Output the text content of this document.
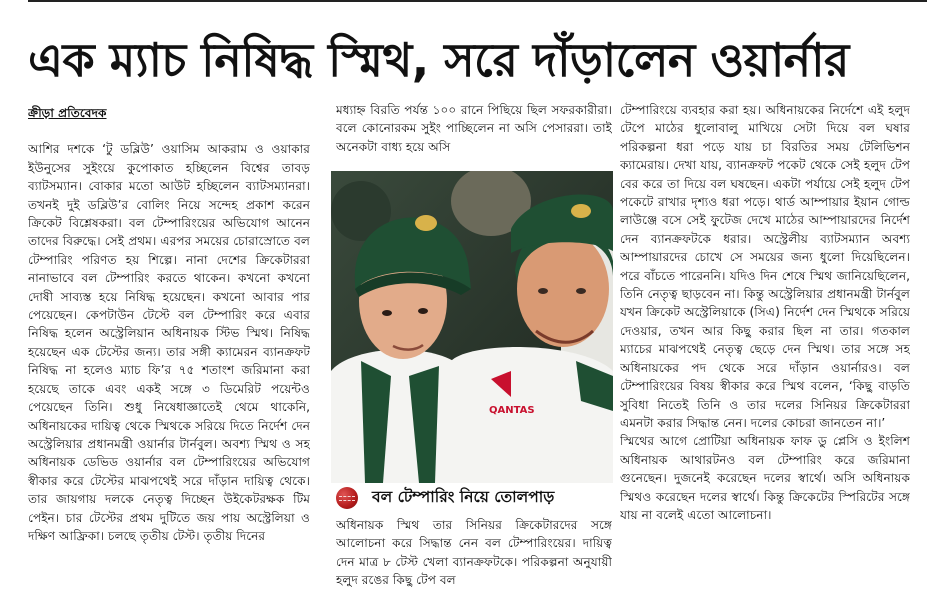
এক ম্যাচ নিষিদ্ধ স্মিথ, সরে দাঁড়ালেন ওয়ার্নার

ক্রীড়া প্রতিবেদক

আশির দশকে ‘টু ডব্লিউ’ ওয়াসিম আকরাম ও ওয়াকার ইউনুসের সুইংয়ে কুপোকাত হচ্ছিলেন বিশ্বের তাবড় ব্যাটসম্যান। বোকার মতো আউট হচ্ছিলেন ব্যাটসম্যানরা। তখনই দুই ডব্লিউ’র বোলিং নিয়ে সন্দেহ প্রকাশ করেন ক্রিকেট বিশ্লেষকরা। বল টেম্পারিংয়ের অভিযোগ আনেন তাদের বিরুদ্ধে। সেই প্রথম। এরপর সময়ের চোরাস্রোতে বল টেম্পারিং পরিণত হয় শিল্পে। নানা দেশের ক্রিকেটাররা নানাভাবে বল টেম্পারিং করতে থাকেন। কখনো কখনো দোষী সাব্যস্ত হয়ে নিষিদ্ধ হয়েছেন। কখনো আবার পার পেয়েছেন। কেপটাউন টেস্টে বল টেম্পারিং করে এবার নিষিদ্ধ হলেন অস্ট্রেলিয়ান অধিনায়ক স্টিভ স্মিথ। নিষিদ্ধ হয়েছেন এক টেস্টের জন্য। তার সঙ্গী ক্যামেরন ব্যানক্রফট নিষিদ্ধ না হলেও ম্যাচ ফি’র ৭৫ শতাংশ জরিমানা করা হয়েছে তাকে এবং একই সঙ্গে ৩ ডিমেরিট পয়েন্টও পেয়েছেন তিনি। শুধু নিষেধাজ্ঞাতেই থেমে থাকেনি, অধিনায়কের দায়িত্ব থেকে স্মিথকে সরিয়ে দিতে নির্দেশ দেন অস্ট্রেলিয়ার প্রধানমন্ত্রী ওয়ার্নার টার্নবুল। অবশ্য স্মিথ ও সহ অধিনায়ক ডেভিড ওয়ার্নার বল টেম্পারিংয়ের অভিযোগ স্বীকার করে টেস্টের মাঝপথেই সরে দাঁড়ান দায়িত্ব থেকে। তার জায়গায় দলকে নেতৃত্ব দিচ্ছেন উইকেটরক্ষক টিম পেইন। চার টেস্টের প্রথম দুটিতে জয় পায় অস্ট্রেলিয়া ও দক্ষিণ আফ্রিকা। চলছে তৃতীয় টেস্ট। তৃতীয় দিনের

মধ্যাহ্ন বিরতি পর্যন্ত ১০০ রানে পিছিয়ে ছিল সফরকারীরা। বলে কোনোরকম সুইং পাচ্ছিলেন না অসি পেসাররা। তাই অনেকটা বাধ্য হয়ে অসি

QANTAS
বল টেম্পারিং নিয়ে তোলপাড়

অধিনায়ক স্মিথ তার সিনিয়র ক্রিকেটারদের সঙ্গে আলোচনা করে সিদ্ধান্ত নেন বল টেম্পারিংয়ের। দায়িত্ব দেন মাত্র ৮ টেস্ট খেলা ব্যানক্রফটকে। পরিকল্পনা অনুযায়ী হলুদ রঙের কিছু টেপ বল

টেম্পারিংয়ে ব্যবহার করা হয়। অধিনায়কের নির্দেশে এই হলুদ টেপে মাঠের ধুলোবালু মাখিয়ে সেটা দিয়ে বল ঘষার পরিকল্পনা ধরা পড়ে যায় চা বিরতির সময় টেলিভিশন ক্যামেরায়। দেখা যায়, ব্যানক্রফট পকেট থেকে সেই হলুদ টেপ বের করে তা দিয়ে বল ঘষছেন। একটা পর্যায়ে সেই হলুদ টেপ পকেটে রাখার দৃশ্যও ধরা পড়ে। থার্ড আম্পায়ার ইয়ান গোল্ড লাউঞ্জে বসে সেই ফুটেজ দেখে মাঠের আম্পায়ারদের নির্দেশ দেন ব্যানক্রফটকে ধরার। অস্ট্রেলীয় ব্যাটসম্যান অবশ্য আম্পায়ারদের চোখে সে সময়ের জন্য ধুলো দিয়েছিলেন। পরে বাঁচতে পারেননি। যদিও দিন শেষে স্মিথ জানিয়েছিলেন, তিনি নেতৃত্ব ছাড়বেন না। কিন্তু অস্ট্রেলিয়ার প্রধানমন্ত্রী টার্নবুল যখন ক্রিকেট অস্ট্রেলিয়াকে (সিএ) নির্দেশ দেন স্মিথকে সরিয়ে দেওয়ার, তখন আর কিছু করার ছিল না তার। গতকাল ম্যাচের মাঝপথেই নেতৃত্ব ছেড়ে দেন স্মিথ। তার সঙ্গে সহ অধিনায়কের পদ থেকে সরে দাঁড়ান ওয়ার্নারও। বল টেম্পারিংয়ের বিষয় স্বীকার করে স্মিথ বলেন, ‘কিছু বাড়তি সুবিধা নিতেই তিনি ও তার দলের সিনিয়র ক্রিকেটাররা এমনটা করার সিদ্ধান্ত নেন। দলের কোচরা জানতেন না।’

স্মিথের আগে প্রোটিয়া অধিনায়ক ফাফ ডু প্লেসি ও ইংলিশ অধিনায়ক আথারটনও বল টেম্পারিং করে জরিমানা গুনেছেন। দুজনেই করেছেন দলের স্বার্থে। অসি অধিনায়ক স্মিথও করেছেন দলের স্বার্থে। কিন্তু ক্রিকেটের স্পিরিটের সঙ্গে যায় না বলেই এতো আলোচনা।
